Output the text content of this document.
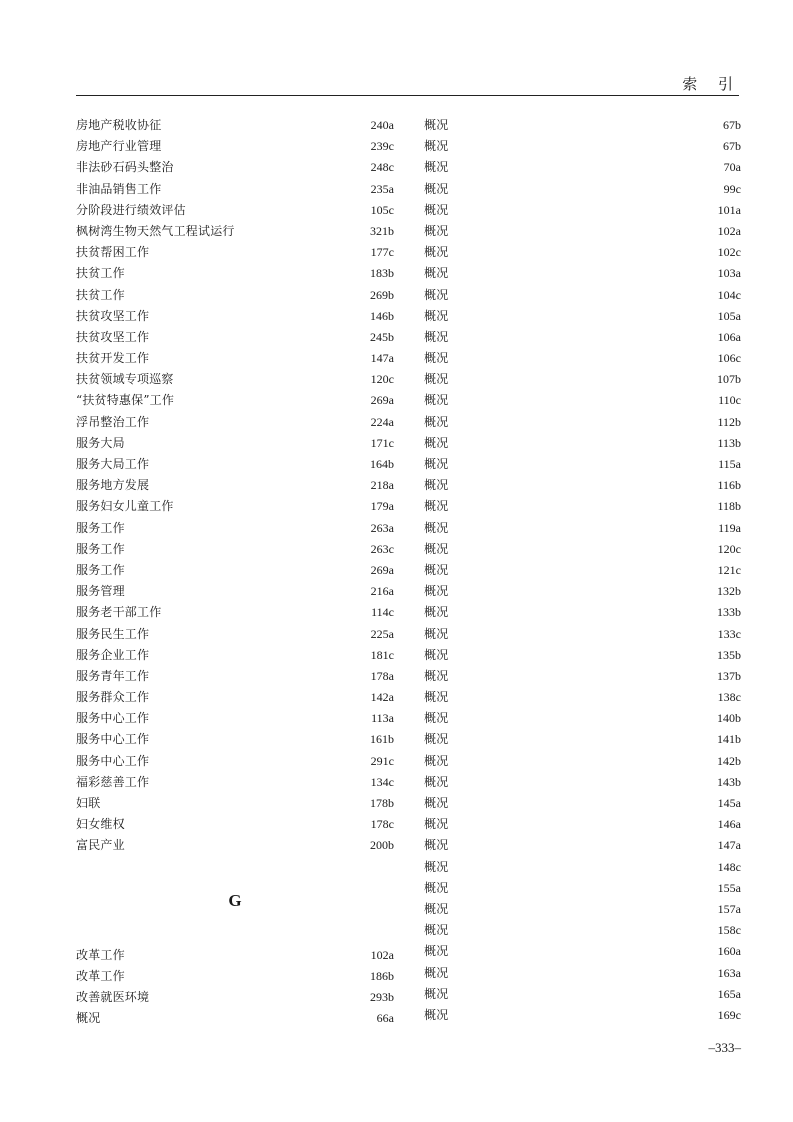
索 引
房地产税收协征	240a
房地产行业管理	239c
非法砂石码头整治	248c
非油品销售工作	235a
分阶段进行绩效评估	105c
枫树湾生物天然气工程试运行	321b
扶贫帮困工作	177c
扶贫工作	183b
扶贫工作	269b
扶贫攻坚工作	146b
扶贫攻坚工作	245b
扶贫开发工作	147a
扶贫领域专项巡察	120c
“扶贫特惠保”工作	269a
浮吊整治工作	224a
服务大局	171c
服务大局工作	164b
服务地方发展	218a
服务妇女儿童工作	179a
服务工作	263a
服务工作	263c
服务工作	269a
服务管理	216a
服务老干部工作	114c
服务民生工作	225a
服务企业工作	181c
服务青年工作	178a
服务群众工作	142a
服务中心工作	113a
服务中心工作	161b
服务中心工作	291c
福彩慈善工作	134c
妇联	178b
妇女维权	178c
富民产业	200b
G
改革工作	102a
改革工作	186b
改善就医环境	293b
概况	66a
概况	67b
概况	67b
概况	70a
概况	99c
概况	101a
概况	102a
概况	102c
概况	103a
概况	104c
概况	105a
概况	106a
概况	106c
概况	107b
概况	110c
概况	112b
概况	113b
概况	115a
概况	116b
概况	118b
概况	119a
概况	120c
概况	121c
概况	132b
概况	133b
概况	133c
概况	135b
概况	137b
概况	138c
概况	140b
概况	141b
概况	142b
概况	143b
概况	145a
概况	146a
概况	147a
概况	148c
概况	155a
概况	157a
概况	158c
概况	160a
概况	163a
概况	165a
概况	169c
–333–
